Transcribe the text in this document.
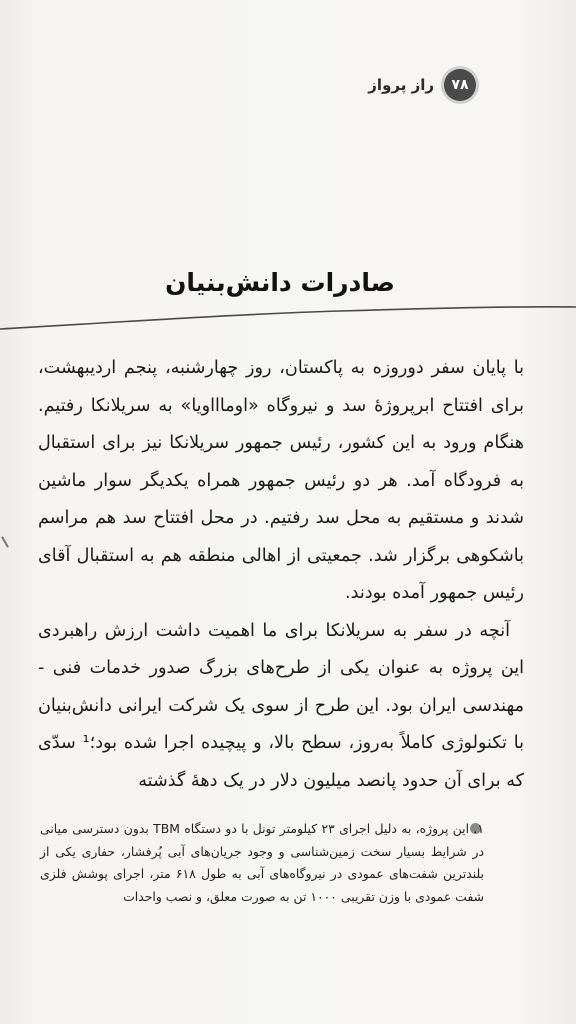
۷۸
راز پرواز
صادرات دانش‌بنیان

با پایان سفر دوروزه به پاکستان، روز چهارشنبه، پنجم اردیبهشت، برای افتتاح ابرپروژهٔ سد و نیروگاه «اوماااویا» به سریلانکا رفتیم. هنگام ورود به این کشور، رئیس جمهور سریلانکا نیز برای استقبال به فرودگاه آمد. هر دو رئیس جمهور همراه یکدیگر سوار ماشین شدند و مستقیم به محل سد رفتیم. در محل افتتاح سد هم مراسم باشکوهی برگزار شد. جمعیتی از اهالی منطقه هم به استقبال آقای رئیس جمهور آمده بودند.

آنچه در سفر به سریلانکا برای ما اهمیت داشت ارزش راهبردی این پروژه به عنوان یکی از طرح‌های بزرگ صدور خدمات فنی - مهندسی ایران بود. این طرح از سوی یک شرکت ایرانی دانش‌بنیان با تکنولوژی کاملاً به‌روز، سطح بالا، و پیچیده اجرا شده بود؛¹ سدّی که برای آن حدود پانصد میلیون دلار در یک دههٔ گذشته

۱. این پروژه، به دلیل اجرای ۲۳ کیلومتر تونل با دو دستگاه TBM بدون دسترسی میانی در شرایط بسیار سخت زمین‌شناسی و وجود جریان‌های آبی پُرفشار، حفاری یکی از بلندترین شفت‌های عمودی در نیروگاه‌های آبی به طول ۶۱۸ متر، اجرای پوشش فلزی شفت عمودی با وزن تقریبی ۱۰۰۰ تن به صورت معلق، و نصب واحدات
